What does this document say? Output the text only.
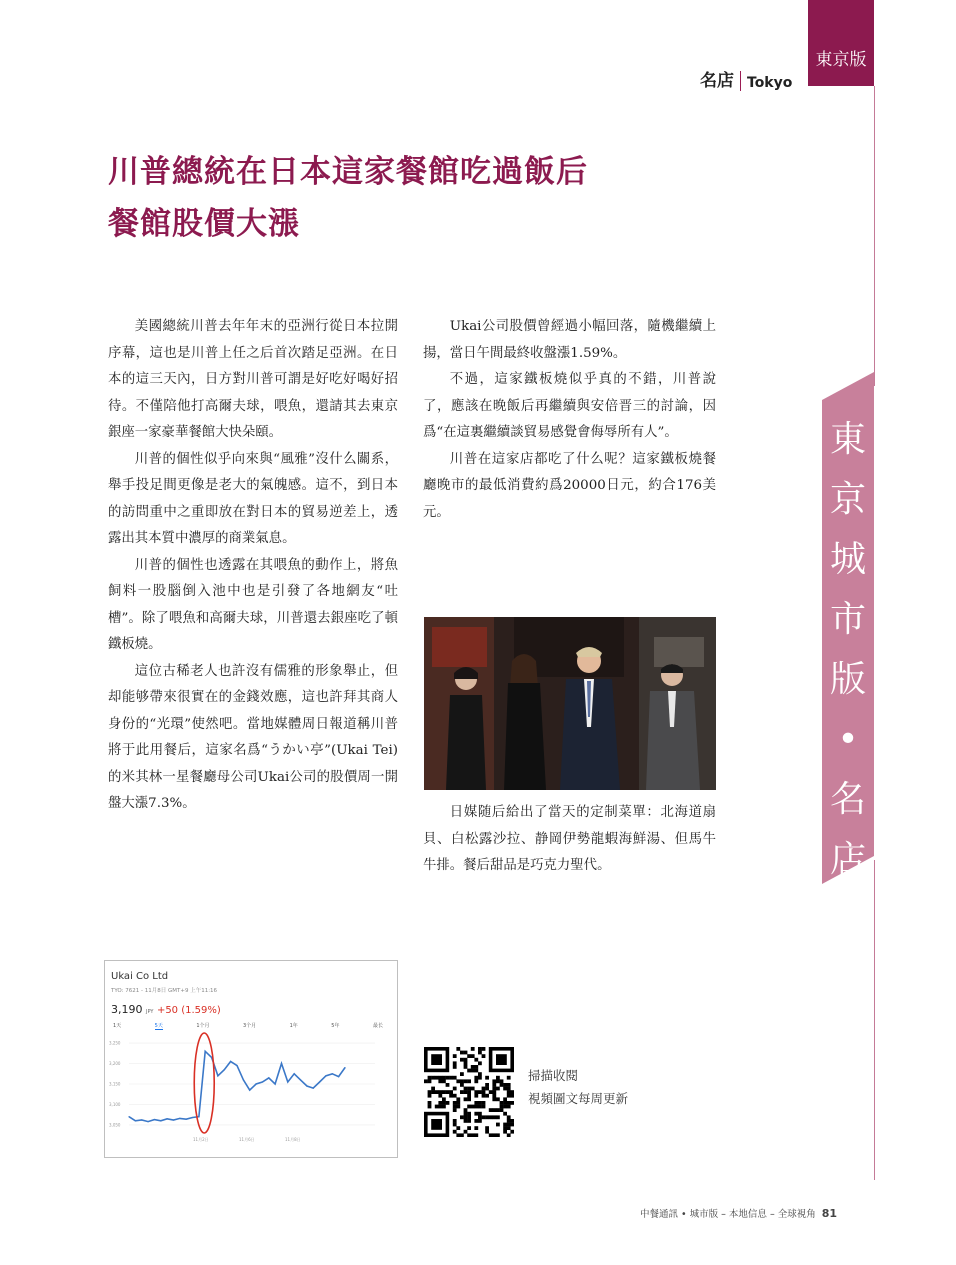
名店 Tokyo
東京版
東
京
城
市
版
•
名
店
川普總統在日本這家餐館吃過飯后
餐館股價大漲

美國總統川普去年年末的亞洲行從日本拉開序幕，這也是川普上任之后首次踏足亞洲。在日本的這三天內，日方對川普可謂是好吃好喝好招待。不僅陪他打高爾夫球，喂魚，還請其去東京銀座一家豪華餐館大快朵頤。

川普的個性似乎向來與“風雅”沒什么關系，舉手投足間更像是老大的氣魄感。這不，到日本的訪問重中之重即放在對日本的貿易逆差上，透露出其本質中濃厚的商業氣息。

川普的個性也透露在其喂魚的動作上，將魚飼料一股腦倒入池中也是引發了各地網友“吐槽”。除了喂魚和高爾夫球，川普還去銀座吃了頓鐵板燒。

這位古稀老人也許沒有儒雅的形象舉止，但却能够帶來很實在的金錢效應，這也許拜其商人身份的“光環”使然吧。當地媒體周日報道稱川普將于此用餐后，這家名爲“うかい亭”(Ukai Tei)的米其林一星餐廳母公司Ukai公司的股價周一開盤大漲7.3%。

Ukai公司股價曾經過小幅回落，隨機繼續上揚，當日午間最終收盤漲1.59%。

不過，這家鐵板燒似乎真的不錯，川普說了，應該在晚飯后再繼續與安倍晋三的討論，因爲“在這裏繼續談貿易感覺會侮辱所有人”。

川普在這家店都吃了什么呢？這家鐵板燒餐廳晚市的最低消費約爲20000日元，約合176美元。

日媒随后給出了當天的定制菜單：北海道扇貝、白松露沙拉、静岡伊勢龍蝦海鮮湯、但馬牛牛排。餐后甜品是巧克力聖代。

Ukai Co Ltd
TYO: 7621 - 11月8日 GMT+9 上午11:16
3,190 JPY +50 (1.59%)
1天	5天	1个月	3个月	1年	5年	最长
3,250
3,200
3,150
3,100
3,050
11月2日	11月6日	11月8日
掃描收閱
視頻圖文每周更新
中餐通訊 • 城市版 – 本地信息 – 全球視角 81
